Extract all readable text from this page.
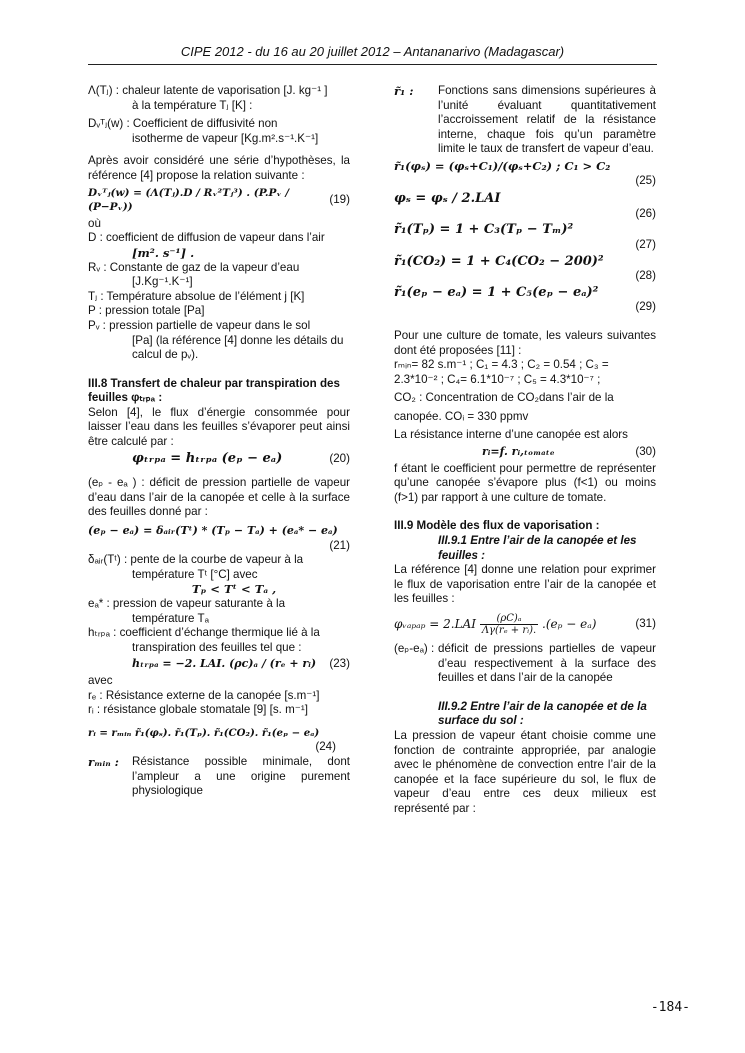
CIPE 2012 - du 16 au 20 juillet 2012 – Antananarivo (Madagascar)

Λ(Tⱼ) : chaleur latente de vaporisation [J. kg⁻¹ ]

à la température Tⱼ [K] :

Dᵥᵀⱼ(w) : Coefficient de diffusivité non

isotherme de vapeur [Kg.m².s⁻¹.K⁻¹]

Après avoir considéré une série d’hypothèses, la référence [4] propose la relation suivante :

Dᵥᵀⱼ(w) = (Λ(Tⱼ).D / Rᵥ²Tⱼ³) . (P.Pᵥ / (P−Pᵥ))
(19)

où

D : coefficient de diffusion de vapeur dans l’air

[m². s⁻¹] .

Rᵥ : Constante de gaz de la vapeur d’eau

[J.Kg⁻¹.K⁻¹]

Tⱼ : Température absolue de l’élément j [K]

P : pression totale [Pa]

Pᵥ : pression partielle de vapeur dans le sol

[Pa] (la référence [4] donne les détails du calcul de pᵥ).

III.8 Transfert de chaleur par transpiration des feuilles φₜᵣₚₐ :

Selon [4], le flux d’énergie consommée pour laisser l’eau dans les feuilles s’évaporer peut ainsi être calculé par :

φₜᵣₚₐ = hₜᵣₚₐ (eₚ − eₐ)	(20)

(eₚ - eₐ ) : déficit de pression partielle de vapeur d’eau dans l’air de la canopée et celle à la surface des feuilles donné par :

(eₚ − eₐ) = δₐᵢᵣ(Tᵗ) * (Tₚ − Tₐ) + (eₐ* − eₐ)

(21)

δₐᵢᵣ(Tᵗ) : pente de la courbe de vapeur à la

température Tᵗ [°C] avec

Tₚ < Tᵗ < Tₐ ,

eₐ* : pression de vapeur saturante à la

température Tₐ

hₜᵣₚₐ : coefficient d’échange thermique lié à la

transpiration des feuilles tel que :

hₜᵣₚₐ = −2. LAI. (ρc)ₐ / (rₑ + rᵢ) (23)

avec

rₑ : Résistance externe de la canopée [s.m⁻¹]

rᵢ : résistance globale stomatale [9] [s. m⁻¹]

rᵢ = rₘᵢₙ r̃₁(φₛ). r̃₁(Tₚ). r̃₁(CO₂). r̃₁(eₚ − eₐ)

(24)

rₘᵢₙ :	Résistance possible minimale, dont l’ampleur a une origine purement physiologique
r̃₁ :	Fonctions sans dimensions supérieures à l’unité évaluant quantitativement l’accroissement relatif de la résistance interne, chaque fois qu’un paramètre limite le taux de transfert de vapeur d’eau.
r̃₁(φₛ) = (φₛ+C₁)/(φₛ+C₂) ; C₁ > C₂

(25)

φₛ = φₛ / 2.LAI

(26)

r̃₁(Tₚ) = 1 + C₃(Tₚ − Tₘ)²

(27)

r̃₁(CO₂) = 1 + C₄(CO₂ − 200)²

(28)

r̃₁(eₚ − eₐ) = 1 + C₅(eₚ − eₐ)²

(29)

Pour une culture de tomate, les valeurs suivantes dont été proposées [11] :

rₘᵢₙ= 82 s.m⁻¹ ; C₁ = 4.3 ; C₂ = 0.54 ; C₃ =

2.3*10⁻² ; C₄= 6.1*10⁻⁷ ; C₅ = 4.3*10⁻⁷ ;

CO₂ : Concentration de CO₂dans l’air de la

canopée. COᵢ = 330 ppmv

La résistance interne d’une canopée est alors

rᵢ=f. rᵢ,ₜₒₘₐₜₑ	(30)

f étant le coefficient pour permettre de représenter qu’une canopée s’évapore plus (f<1) ou moins (f>1) par rapport à une culture de tomate.

III.9 Modèle des flux de vaporisation :

III.9.1 Entre l’air de la canopée et les feuilles :

La référence [4] donne une relation pour exprimer le flux de vaporisation entre l’air de la canopée et les feuilles :

φᵥₐₚₐₚ = $2.LAI \frac{\text{(ρC)ₐ}}{\text{Λγ(rₑ + rᵢ).}} .(e_p - e_a)$	(31)
(eₚ-eₐ) : déficit de pressions partielles de vapeur d’eau respectivement à la surface des feuilles et dans l’air de la canopée

III.9.2 Entre l’air de la canopée et de la surface du sol :

La pression de vapeur étant choisie comme une fonction de contrainte appropriée, par analogie avec le phénomène de convection entre l’air de la canopée et la face supérieure du sol, le flux de vapeur d’eau entre ces deux milieux est représenté par :

-184-
